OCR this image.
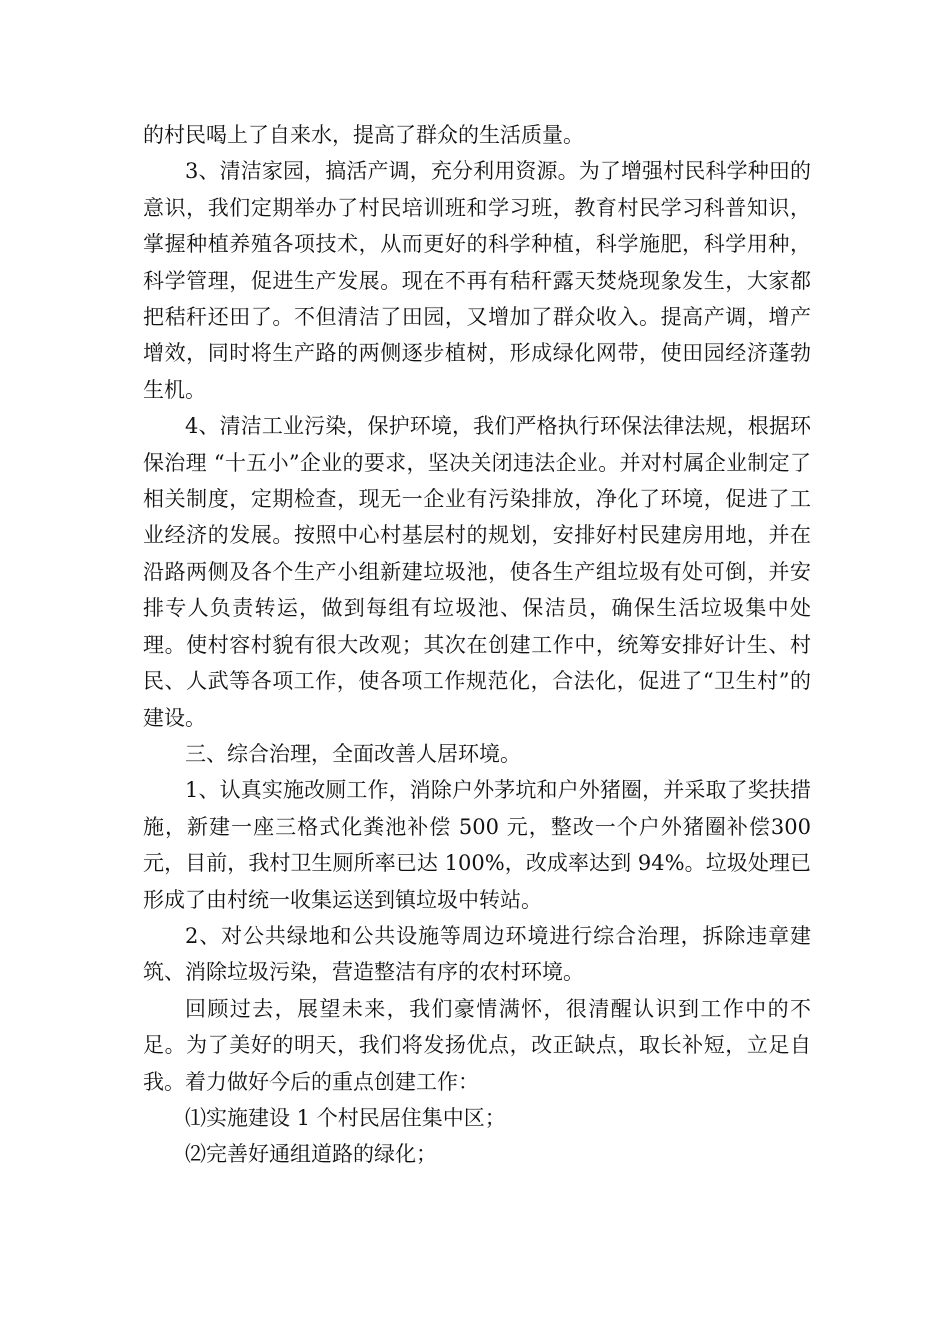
的村民喝上了自来水，提高了群众的生活质量。

3、清洁家园，搞活产调，充分利用资源。为了增强村民科学种田的意识，我们定期举办了村民培训班和学习班，教育村民学习科普知识，掌握种植养殖各项技术，从而更好的科学种植，科学施肥，科学用种，科学管理，促进生产发展。现在不再有秸秆露天焚烧现象发生，大家都把秸秆还田了。不但清洁了田园，又增加了群众收入。提高产调，增产增效，同时将生产路的两侧逐步植树，形成绿化网带，使田园经济蓬勃生机。

4、清洁工业污染，保护环境，我们严格执行环保法律法规，根据环保治理 “十五小”企业的要求，坚决关闭违法企业。并对村属企业制定了相关制度，定期检查，现无一企业有污染排放，净化了环境，促进了工业经济的发展。按照中心村基层村的规划，安排好村民建房用地，并在沿路两侧及各个生产小组新建垃圾池，使各生产组垃圾有处可倒，并安排专人负责转运，做到每组有垃圾池、保洁员，确保生活垃圾集中处理。使村容村貌有很大改观；其次在创建工作中，统筹安排好计生、村民、人武等各项工作，使各项工作规范化，合法化，促进了“卫生村”的建设。

三、综合治理，全面改善人居环境。

1、认真实施改厕工作，消除户外茅坑和户外猪圈，并采取了奖扶措施，新建一座三格式化粪池补偿 500 元，整改一个户外猪圈补偿300 元，目前，我村卫生厕所率已达 100%，改成率达到 94%。垃圾处理已形成了由村统一收集运送到镇垃圾中转站。

2、对公共绿地和公共设施等周边环境进行综合治理，拆除违章建筑、消除垃圾污染，营造整洁有序的农村环境。

回顾过去，展望未来，我们豪情满怀，很清醒认识到工作中的不足。为了美好的明天，我们将发扬优点，改正缺点，取长补短，立足自我。着力做好今后的重点创建工作：

⑴实施建设 1 个村民居住集中区；

⑵完善好通组道路的绿化；
